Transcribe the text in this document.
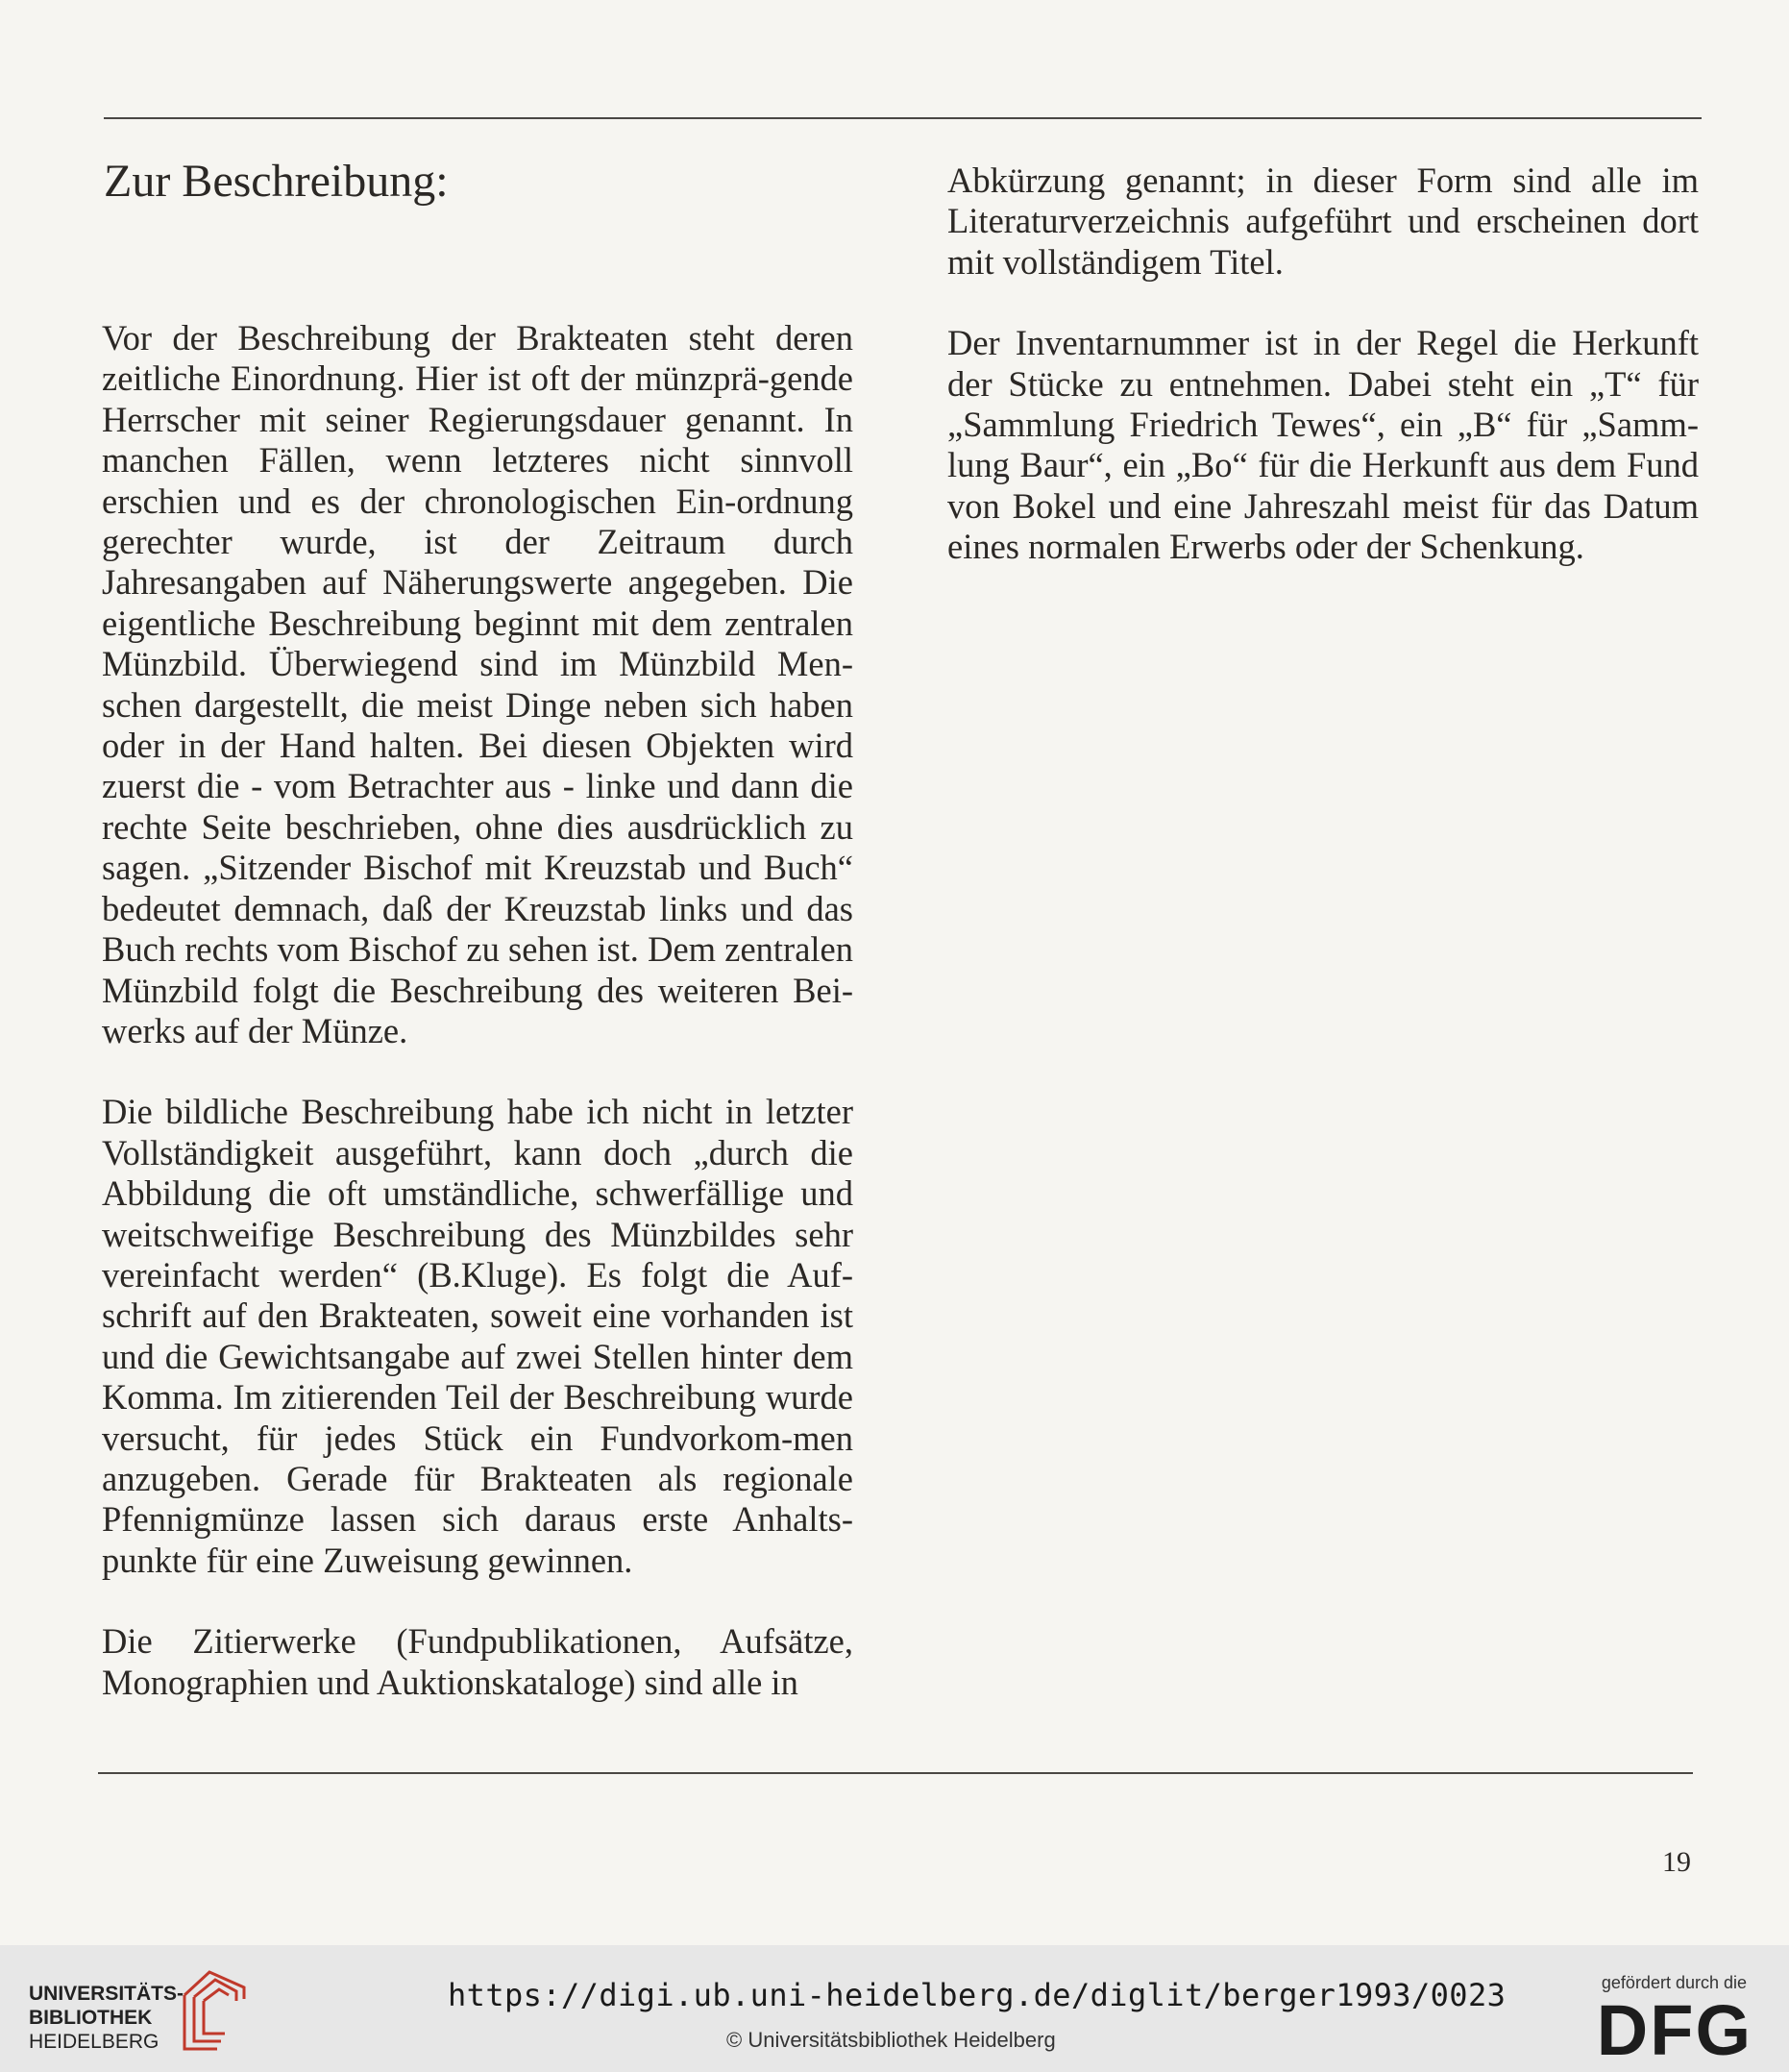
Zur Beschreibung:

Vor der Beschreibung der Brakteaten steht deren zeitliche Einordnung. Hier ist oft der münzprä-gende Herrscher mit seiner Regierungsdauer genannt. In manchen Fällen, wenn letzteres nicht sinnvoll erschien und es der chronologischen Ein-ordnung gerechter wurde, ist der Zeitraum durch Jahresangaben auf Näherungswerte angegeben. Die eigentliche Beschreibung beginnt mit dem zentralen Münzbild. Überwiegend sind im Münzbild Men-schen dargestellt, die meist Dinge neben sich haben oder in der Hand halten. Bei diesen Objekten wird zuerst die - vom Betrachter aus - linke und dann die rechte Seite beschrieben, ohne dies ausdrücklich zu sagen. „Sitzender Bischof mit Kreuzstab und Buch“ bedeutet demnach, daß der Kreuzstab links und das Buch rechts vom Bischof zu sehen ist. Dem zentralen Münzbild folgt die Beschreibung des weiteren Bei-werks auf der Münze.

Die bildliche Beschreibung habe ich nicht in letzter Vollständigkeit ausgeführt, kann doch „durch die Abbildung die oft umständliche, schwerfällige und weitschweifige Beschreibung des Münzbildes sehr vereinfacht werden“ (B.Kluge). Es folgt die Auf-schrift auf den Brakteaten, soweit eine vorhanden ist und die Gewichtsangabe auf zwei Stellen hinter dem Komma. Im zitierenden Teil der Beschreibung wurde versucht, für jedes Stück ein Fundvorkom-men anzugeben. Gerade für Brakteaten als regionale Pfennigmünze lassen sich daraus erste Anhalts-punkte für eine Zuweisung gewinnen.

Die Zitierwerke (Fundpublikationen, Aufsätze, Monographien und Auktionskataloge) sind alle in

Abkürzung genannt; in dieser Form sind alle im Literaturverzeichnis aufgeführt und erscheinen dort mit vollständigem Titel.

Der Inventarnummer ist in der Regel die Herkunft der Stücke zu entnehmen. Dabei steht ein „T“ für „Sammlung Friedrich Tewes“, ein „B“ für „Samm-lung Baur“, ein „Bo“ für die Herkunft aus dem Fund von Bokel und eine Jahreszahl meist für das Datum eines normalen Erwerbs oder der Schenkung.

19
UNIVERSITÄTS-
BIBLIOTHEK
HEIDELBERG
https://digi.ub.uni-heidelberg.de/diglit/berger1993/0023
© Universitätsbibliothek Heidelberg
gefördert durch die
DFG
